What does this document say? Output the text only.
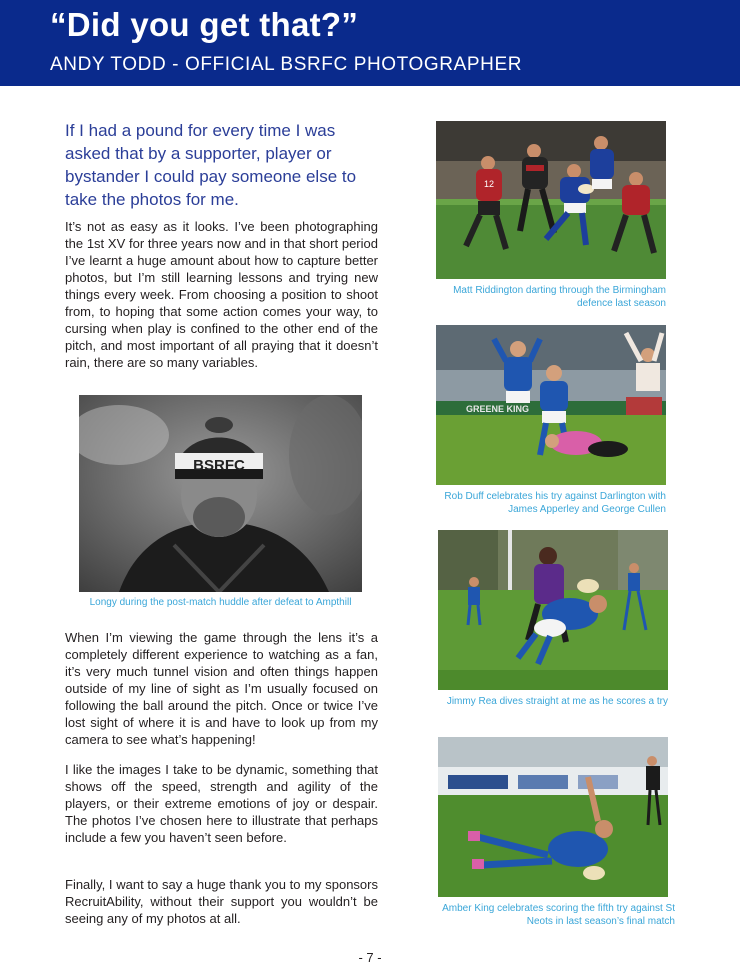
“Did you get that?”
ANDY TODD - OFFICIAL BSRFC PHOTOGRAPHER
If I had a pound for every time I was asked that by a supporter, player or bystander I could pay someone else to take the photos for me.
It’s not as easy as it looks. I’ve been photographing the 1st XV for three years now and in that short period I’ve learnt a huge amount about how to capture better photos, but I’m still learning lessons and trying new things every week. From choosing a position to shoot from, to hoping that some action comes your way, to cursing when play is confined to the other end of the pitch, and most important of all praying that it doesn’t rain, there are so many variables.
BSRFC
Longy during the post-match huddle after defeat to Ampthill
When I’m viewing the game through the lens it’s a completely different experience to watching as a fan, it’s very much tunnel vision and often things happen outside of my line of sight as I’m usually focused on following the ball around the pitch. Once or twice I’ve lost sight of where it is and have to look up from my camera to see what’s happening!
I like the images I take to be dynamic, something that shows off the speed, strength and agility of the players, or their extreme emotions of joy or despair. The photos I’ve chosen here to illustrate that perhaps include a few you haven’t seen before.
Finally, I want to say a huge thank you to my sponsors RecruitAbility, without their support you wouldn’t be seeing any of my photos at all.
12
Matt Riddington darting through the Birmingham defence last season
GREENE KING
Rob Duff celebrates his try against Darlington with James Apperley and George Cullen
Jimmy Rea dives straight at me as he scores a try
Amber King celebrates scoring the fifth try against St Neots in last season’s final match
- 7 -
